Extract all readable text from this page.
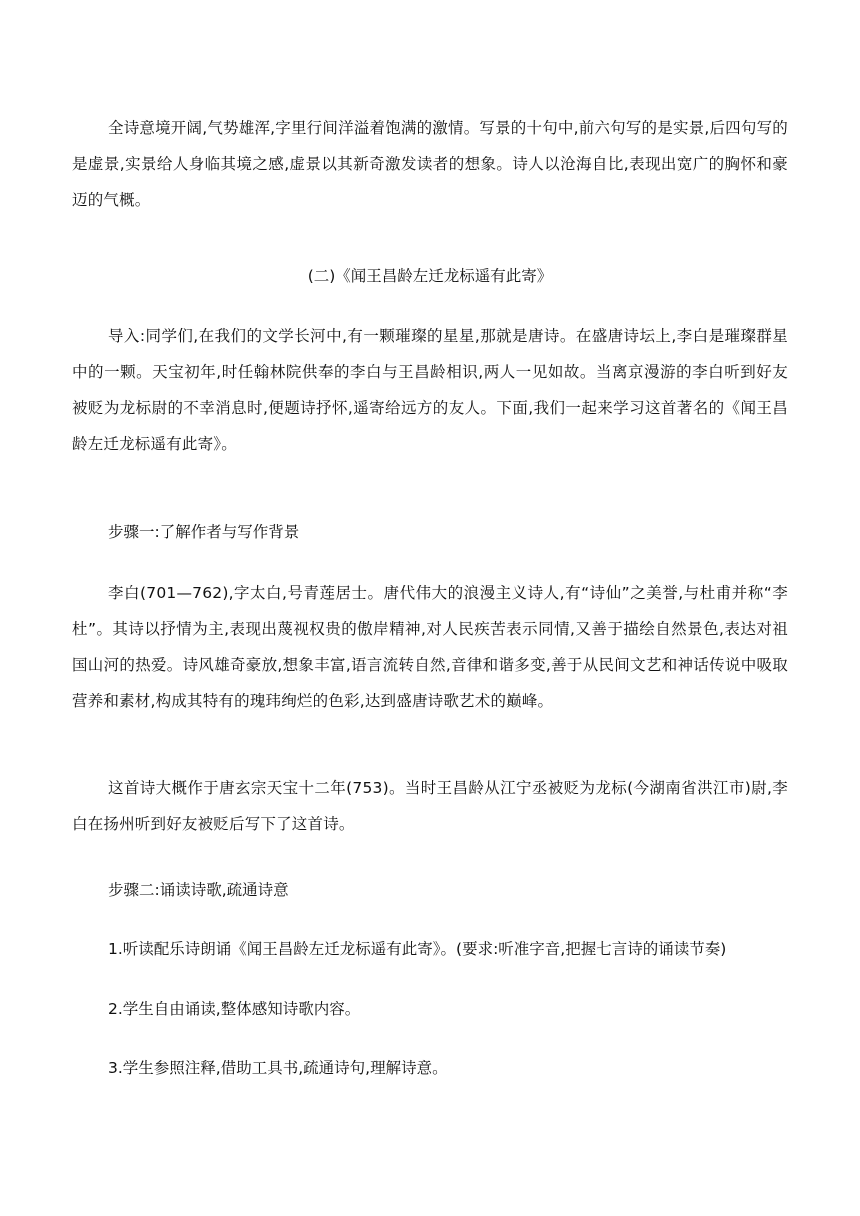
全诗意境开阔,气势雄浑,字里行间洋溢着饱满的激情。写景的十句中,前六句写的是实景,后四句写的是虚景,实景给人身临其境之感,虚景以其新奇激发读者的想象。诗人以沧海自比,表现出宽广的胸怀和豪迈的气概。

(二)《闻王昌龄左迁龙标遥有此寄》

导入:同学们,在我们的文学长河中,有一颗璀璨的星星,那就是唐诗。在盛唐诗坛上,李白是璀璨群星中的一颗。天宝初年,时任翰林院供奉的李白与王昌龄相识,两人一见如故。当离京漫游的李白听到好友被贬为龙标尉的不幸消息时,便题诗抒怀,遥寄给远方的友人。下面,我们一起来学习这首著名的《闻王昌龄左迁龙标遥有此寄》。

步骤一:了解作者与写作背景

李白(701—762),字太白,号青莲居士。唐代伟大的浪漫主义诗人,有“诗仙”之美誉,与杜甫并称“李杜”。其诗以抒情为主,表现出蔑视权贵的傲岸精神,对人民疾苦表示同情,又善于描绘自然景色,表达对祖国山河的热爱。诗风雄奇豪放,想象丰富,语言流转自然,音律和谐多变,善于从民间文艺和神话传说中吸取营养和素材,构成其特有的瑰玮绚烂的色彩,达到盛唐诗歌艺术的巅峰。

这首诗大概作于唐玄宗天宝十二年(753)。当时王昌龄从江宁丞被贬为龙标(今湖南省洪江市)尉,李白在扬州听到好友被贬后写下了这首诗。

步骤二:诵读诗歌,疏通诗意

1.听读配乐诗朗诵《闻王昌龄左迁龙标遥有此寄》。(要求:听准字音,把握七言诗的诵读节奏)

2.学生自由诵读,整体感知诗歌内容。

3.学生参照注释,借助工具书,疏通诗句,理解诗意。
